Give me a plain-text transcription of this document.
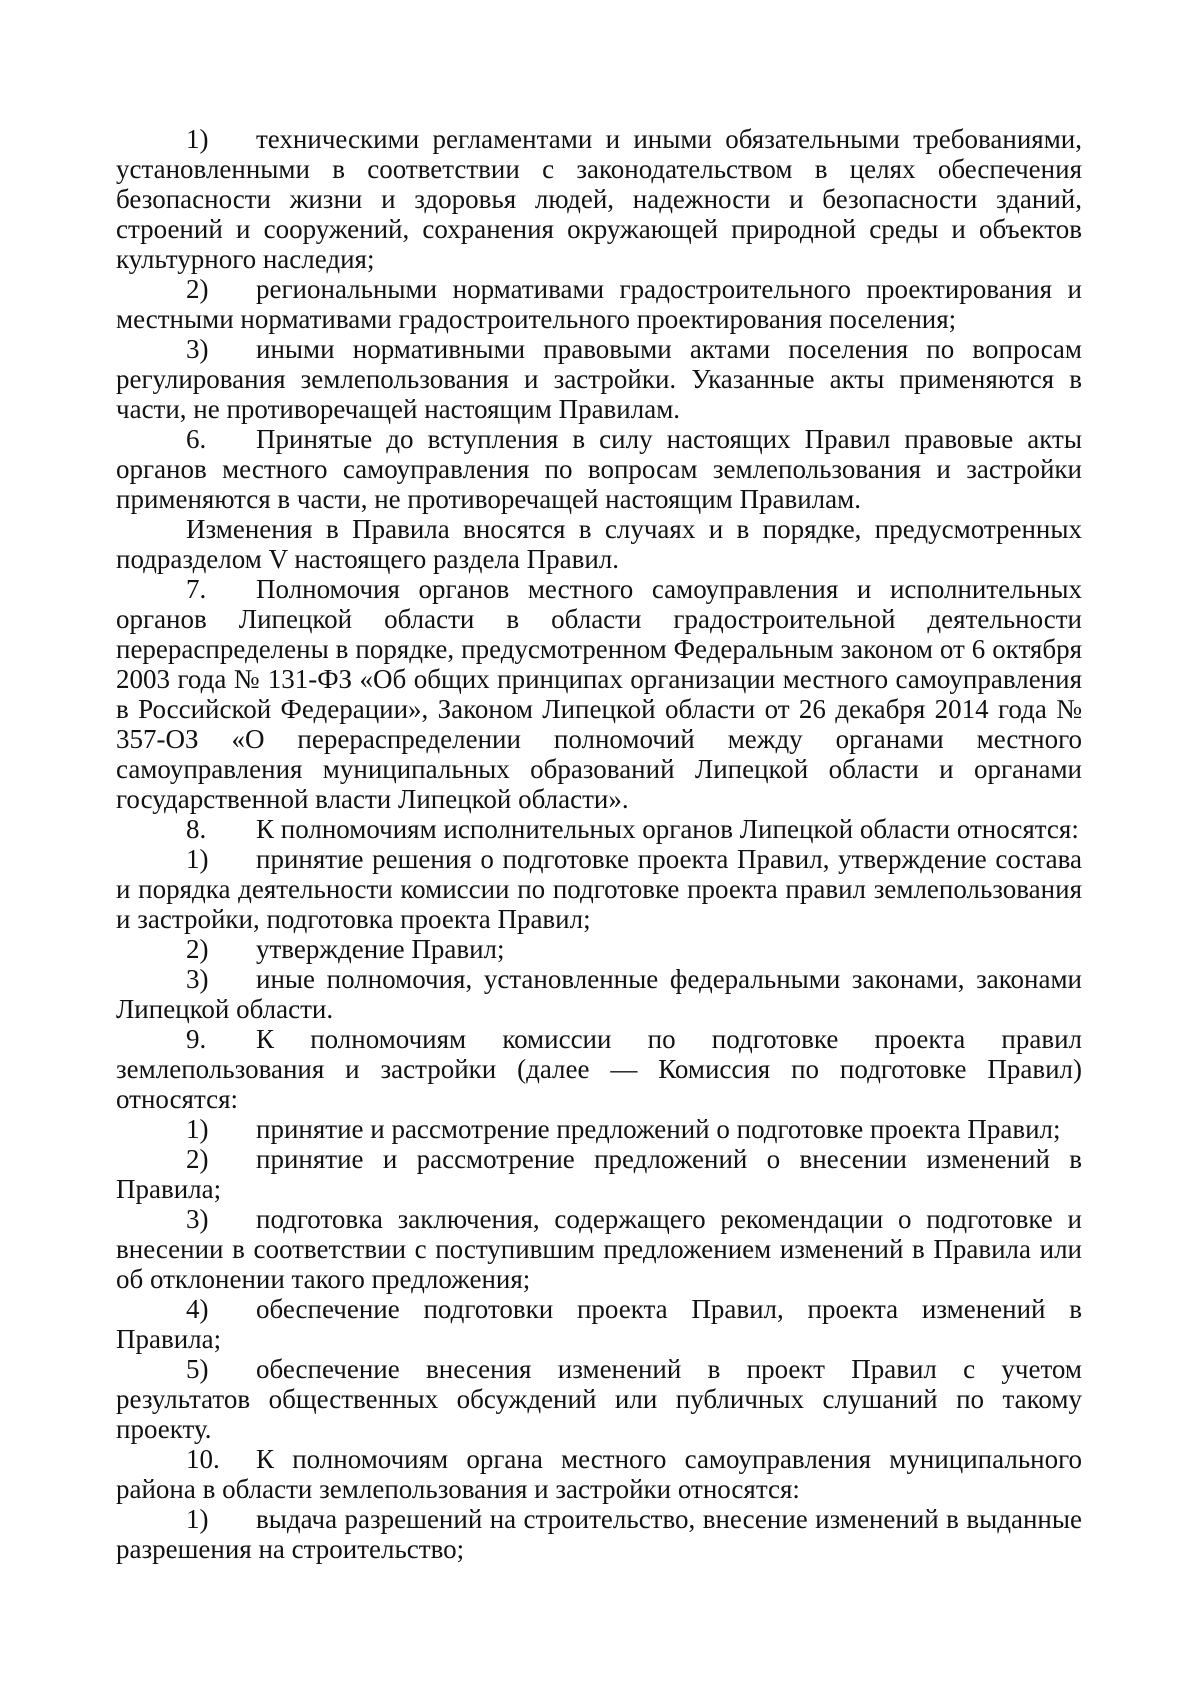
1) техническими регламентами и иными обязательными требованиями, установленными в соответствии с законодательством в целях обеспечения безопасности жизни и здоровья людей, надежности и безопасности зданий, строений и сооружений, сохранения окружающей природной среды и объектов культурного наследия;

2) региональными нормативами градостроительного проектирования и местными нормативами градостроительного проектирования поселения;

3) иными нормативными правовыми актами поселения по вопросам регулирования землепользования и застройки. Указанные акты применяются в части, не противоречащей настоящим Правилам.

6. Принятые до вступления в силу настоящих Правил правовые акты органов местного самоуправления по вопросам землепользования и застройки применяются в части, не противоречащей настоящим Правилам.

Изменения в Правила вносятся в случаях и в порядке, предусмотренных подразделом V настоящего раздела Правил.

7. Полномочия органов местного самоуправления и исполнительных органов Липецкой области в области градостроительной деятельности перераспределены в порядке, предусмотренном Федеральным законом от 6 октября 2003 года № 131-ФЗ «Об общих принципах организации местного самоуправления в Российской Федерации», Законом Липецкой области от 26 декабря 2014 года № 357-ОЗ «О перераспределении полномочий между органами местного самоуправления муниципальных образований Липецкой области и органами государственной власти Липецкой области».

8. К полномочиям исполнительных органов Липецкой области относятся:

1) принятие решения о подготовке проекта Правил, утверждение состава и порядка деятельности комиссии по подготовке проекта правил землепользования и застройки, подготовка проекта Правил;

2) утверждение Правил;

3) иные полномочия, установленные федеральными законами, законами Липецкой области.

9. К полномочиям комиссии по подготовке проекта правил землепользования и застройки (далее — Комиссия по подготовке Правил) относятся:

1) принятие и рассмотрение предложений о подготовке проекта Правил;

2) принятие и рассмотрение предложений о внесении изменений в Правила;

3) подготовка заключения, содержащего рекомендации о подготовке и внесении в соответствии с поступившим предложением изменений в Правила или об отклонении такого предложения;

4) обеспечение подготовки проекта Правил, проекта изменений в Правила;

5) обеспечение внесения изменений в проект Правил с учетом результатов общественных обсуждений или публичных слушаний по такому проекту.

10. К полномочиям органа местного самоуправления муниципального района в области землепользования и застройки относятся:

1) выдача разрешений на строительство, внесение изменений в выданные разрешения на строительство;
